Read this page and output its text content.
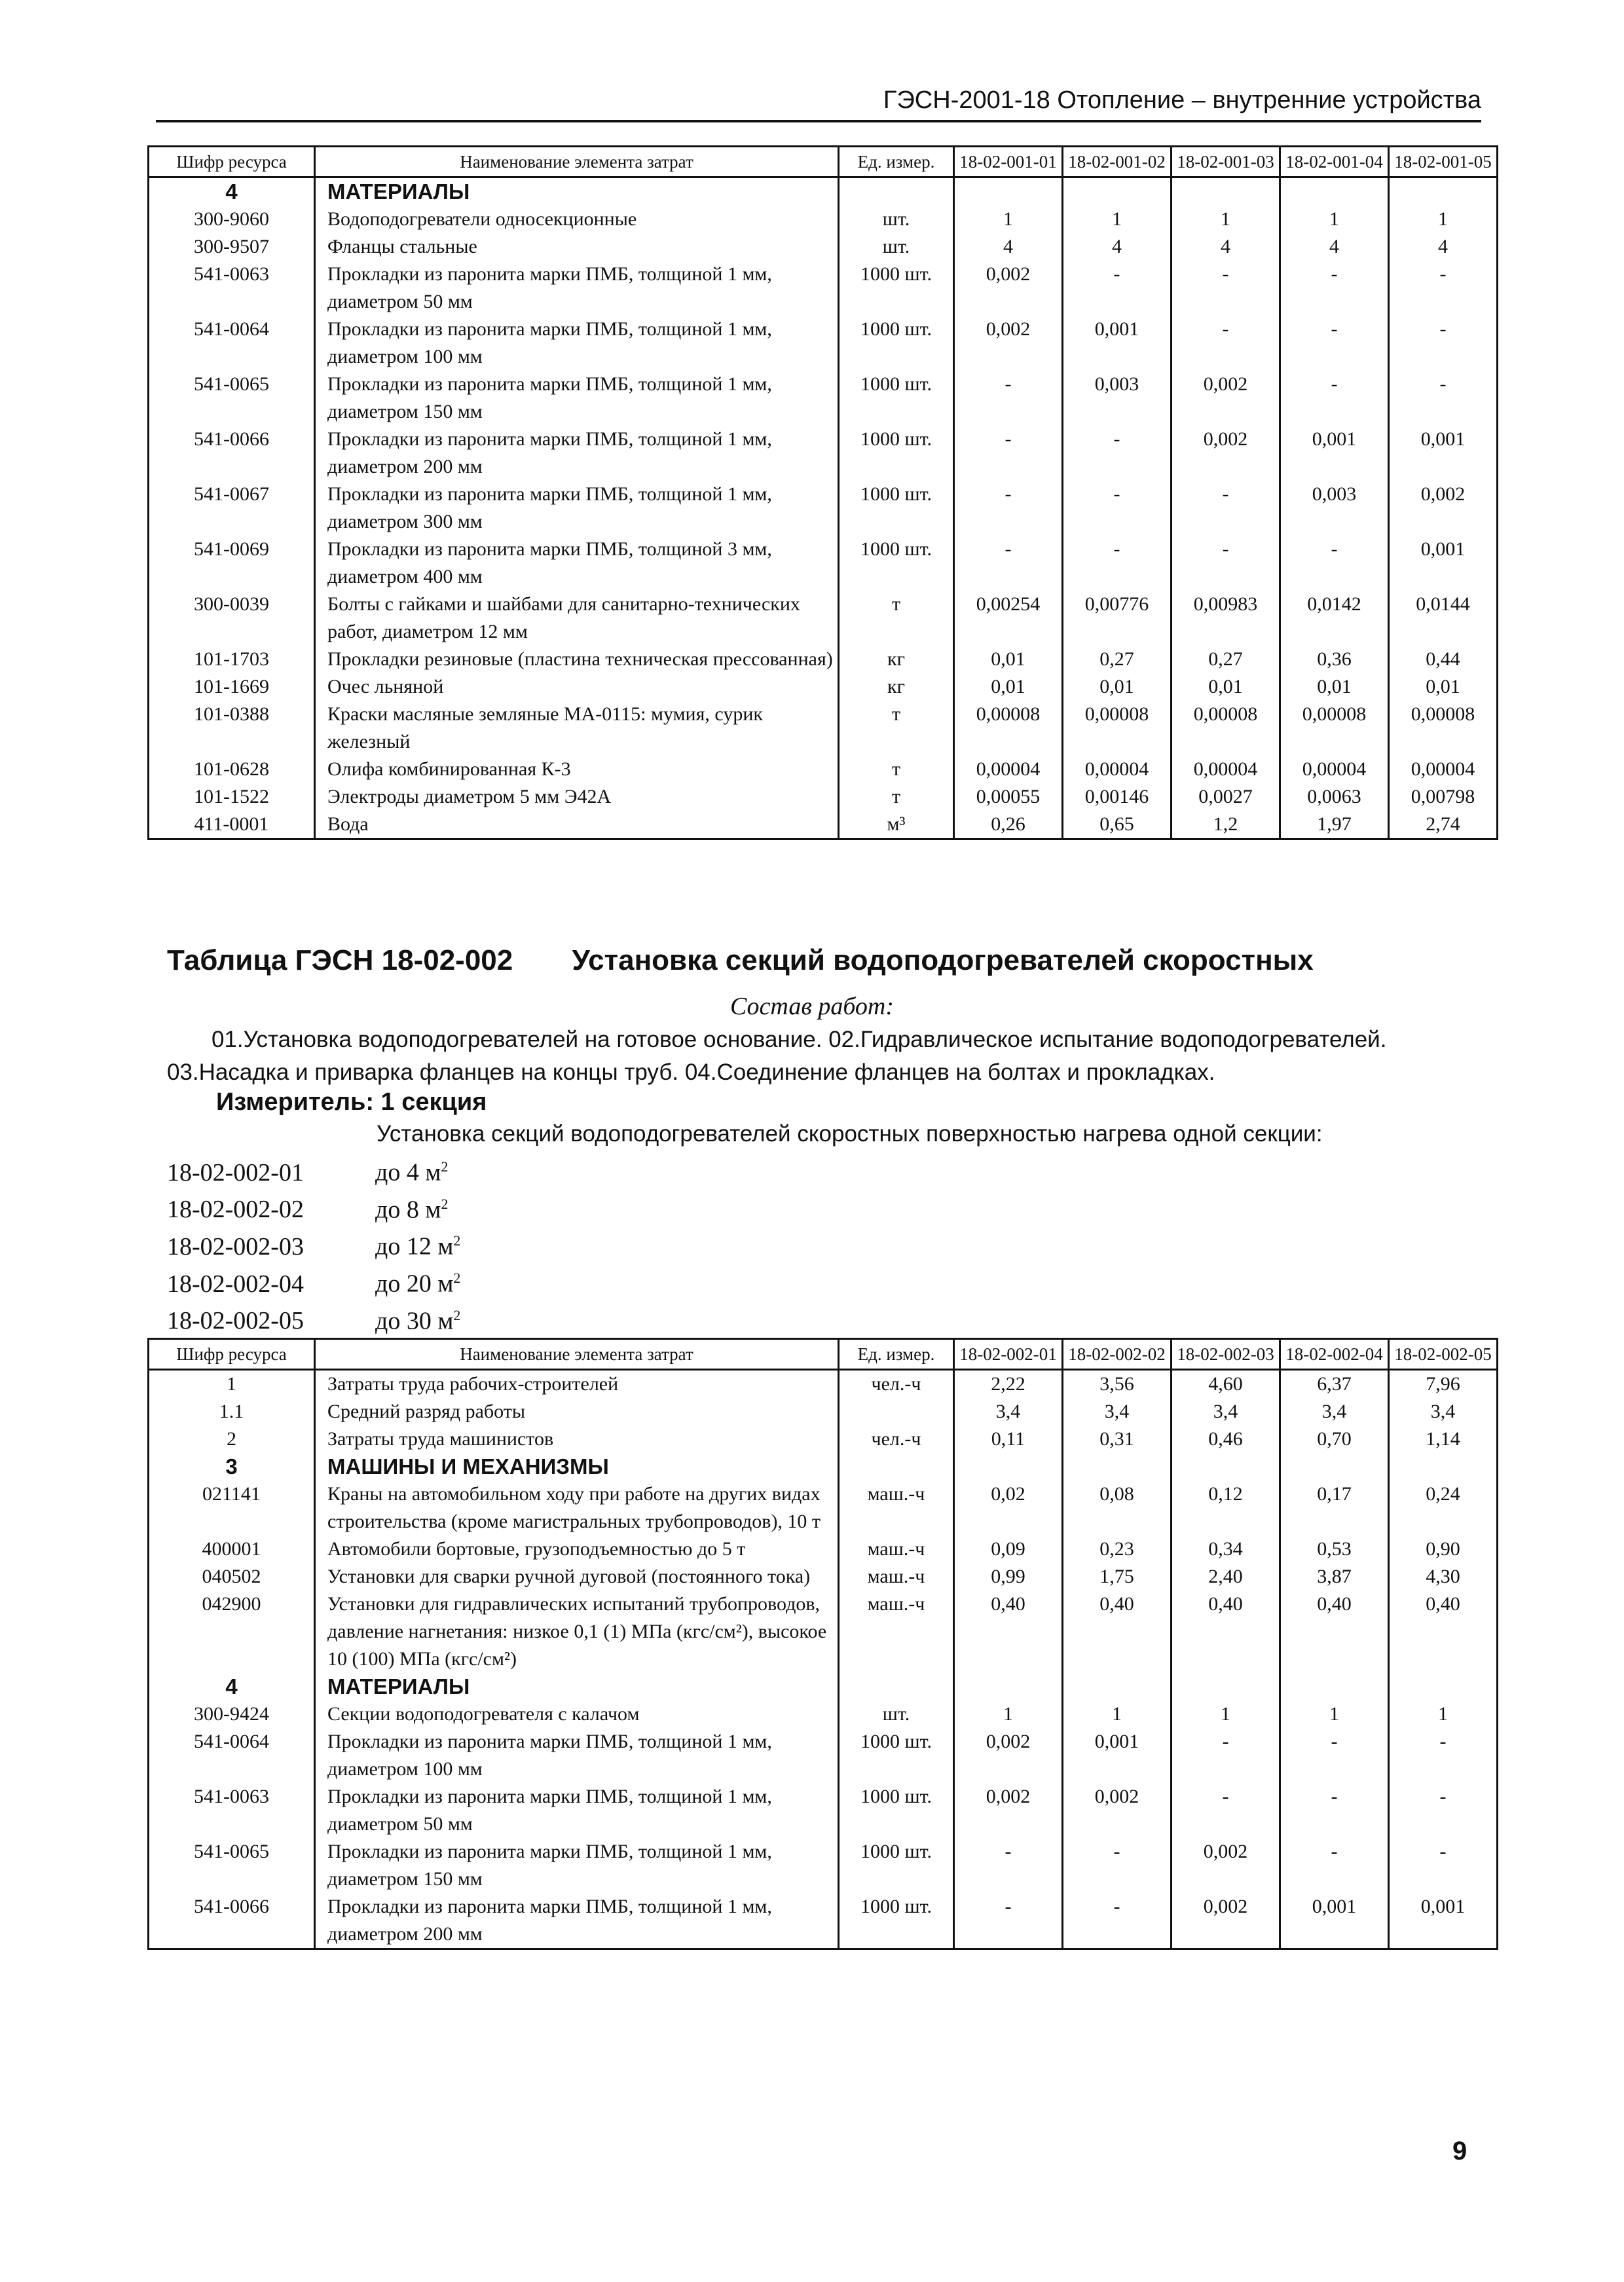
ГЭСН-2001-18 Отопление – внутренние устройства
Шифр ресурса	Наименование элемента затрат	Ед. измер.	18-02-001-01	18-02-001-02	18-02-001-03	18-02-001-04	18-02-001-05
4	МАТЕРИАЛЫ						
300-9060	Водоподогреватели односекционные	шт.	1	1	1	1	1
300-9507	Фланцы стальные	шт.	4	4	4	4	4
541-0063	Прокладки из паронита марки ПМБ, толщиной 1 мм, диаметром 50 мм	1000 шт.	0,002	-	-	-	-
541-0064	Прокладки из паронита марки ПМБ, толщиной 1 мм, диаметром 100 мм	1000 шт.	0,002	0,001	-	-	-
541-0065	Прокладки из паронита марки ПМБ, толщиной 1 мм, диаметром 150 мм	1000 шт.	-	0,003	0,002	-	-
541-0066	Прокладки из паронита марки ПМБ, толщиной 1 мм, диаметром 200 мм	1000 шт.	-	-	0,002	0,001	0,001
541-0067	Прокладки из паронита марки ПМБ, толщиной 1 мм, диаметром 300 мм	1000 шт.	-	-	-	0,003	0,002
541-0069	Прокладки из паронита марки ПМБ, толщиной 3 мм, диаметром 400 мм	1000 шт.	-	-	-	-	0,001
300-0039	Болты с гайками и шайбами для санитарно-технических работ, диаметром 12 мм	т	0,00254	0,00776	0,00983	0,0142	0,0144
101-1703	Прокладки резиновые (пластина техническая прессованная)	кг	0,01	0,27	0,27	0,36	0,44
101-1669	Очес льняной	кг	0,01	0,01	0,01	0,01	0,01
101-0388	Краски масляные земляные МА-0115: мумия, сурик железный	т	0,00008	0,00008	0,00008	0,00008	0,00008
101-0628	Олифа комбинированная К-3	т	0,00004	0,00004	0,00004	0,00004	0,00004
101-1522	Электроды диаметром 5 мм Э42А	т	0,00055	0,00146	0,0027	0,0063	0,00798
411-0001	Вода	м³	0,26	0,65	1,2	1,97	2,74
Таблица ГЭСН 18-02-002 Установка секций водоподогревателей скоростных
Состав работ:

01.Установка водоподогревателей на готовое основание. 02.Гидравлическое испытание водоподогревателей.

03.Насадка и приварка фланцев на концы труб. 04.Соединение фланцев на болтах и прокладках.

Измеритель: 1 секция
Установка секций водоподогревателей скоростных поверхностью нагрева одной секции:
18-02-002-01	до 4 $м^2$
18-02-002-02	до 8 $м^2$
18-02-002-03	до 12 $м^2$
18-02-002-04	до 20 $м^2$
18-02-002-05	до 30 $м^2$
Шифр ресурса	Наименование элемента затрат	Ед. измер.	18-02-002-01	18-02-002-02	18-02-002-03	18-02-002-04	18-02-002-05
1	Затраты труда рабочих-строителей	чел.-ч	2,22	3,56	4,60	6,37	7,96
1.1	Средний разряд работы		3,4	3,4	3,4	3,4	3,4
2	Затраты труда машинистов	чел.-ч	0,11	0,31	0,46	0,70	1,14
3	МАШИНЫ И МЕХАНИЗМЫ						
021141	Краны на автомобильном ходу при работе на других видах строительства (кроме магистральных трубопроводов), 10 т	маш.-ч	0,02	0,08	0,12	0,17	0,24
400001	Автомобили бортовые, грузоподъемностью до 5 т	маш.-ч	0,09	0,23	0,34	0,53	0,90
040502	Установки для сварки ручной дуговой (постоянного тока)	маш.-ч	0,99	1,75	2,40	3,87	4,30
042900	Установки для гидравлических испытаний трубопроводов, давление нагнетания: низкое 0,1 (1) МПа (кгс/см²), высокое 10 (100) МПа (кгс/см²)	маш.-ч	0,40	0,40	0,40	0,40	0,40
4	МАТЕРИАЛЫ						
300-9424	Секции водоподогревателя с калачом	шт.	1	1	1	1	1
541-0064	Прокладки из паронита марки ПМБ, толщиной 1 мм, диаметром 100 мм	1000 шт.	0,002	0,001	-	-	-
541-0063	Прокладки из паронита марки ПМБ, толщиной 1 мм, диаметром 50 мм	1000 шт.	0,002	0,002	-	-	-
541-0065	Прокладки из паронита марки ПМБ, толщиной 1 мм, диаметром 150 мм	1000 шт.	-	-	0,002	-	-
541-0066	Прокладки из паронита марки ПМБ, толщиной 1 мм, диаметром 200 мм	1000 шт.	-	-	0,002	0,001	0,001
9
